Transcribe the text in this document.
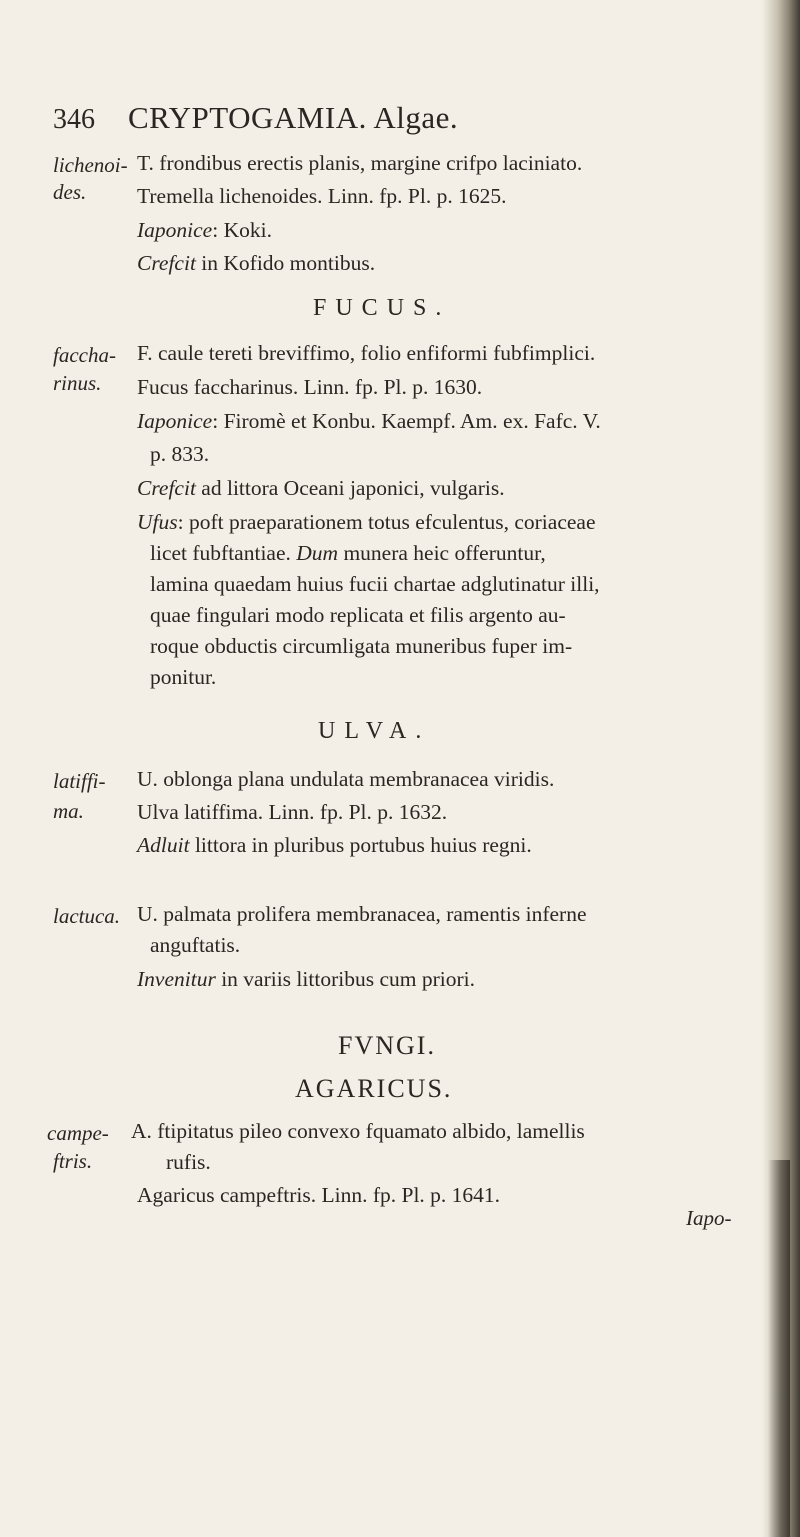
346 CRYPTOGAMIA. Algae.
lichenoi-
des.
T. frondibus erectis planis, margine crifpo laciniato.
Tremella lichenoides. Linn. fp. Pl. p. 1625.
Iaponice: Koki.
Crefcit in Kofido montibus.
FUCUS.
faccha-
rinus.
F. caule tereti breviffimo, folio enfiformi fubfimplici.
Fucus faccharinus. Linn. fp. Pl. p. 1630.
Iaponice: Firomè et Konbu. Kaempf. Am. ex. Fafc. V.
p. 833.
Crefcit ad littora Oceani japonici, vulgaris.
Ufus: poft praeparationem totus efculentus, coriaceae
licet fubftantiae. Dum munera heic offeruntur,
lamina quaedam huius fucii chartae adglutinatur illi,
quae fingulari modo replicata et filis argento au-
roque obductis circumligata muneribus fuper im-
ponitur.
ULVA.
latiffi-
ma.
U. oblonga plana undulata membranacea viridis.
Ulva latiffima. Linn. fp. Pl. p. 1632.
Adluit littora in pluribus portubus huius regni.
lactuca. U. palmata prolifera membranacea, ramentis inferne
anguftatis.
Invenitur in variis littoribus cum priori.
FVNGI.
AGARICUS.
campe-
ftris.
A. ftipitatus pileo convexo fquamato albido, lamellis
rufis.
Agaricus campeftris. Linn. fp. Pl. p. 1641.
Iapo-
